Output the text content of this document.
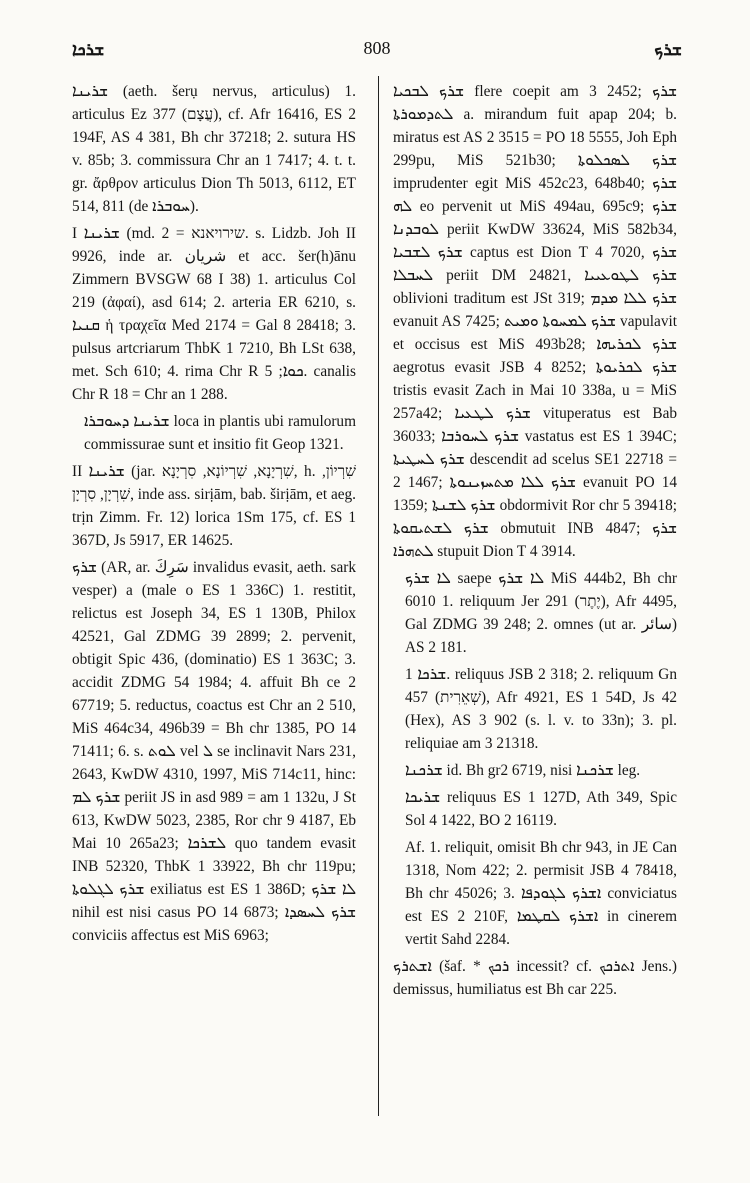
ܫܪܟܐ	808	ܫܪܟ

ܫܪܝܢܐ (aeth. šerụ nervus, articulus) 1. articulus Ez 377 (עֲצָם), cf. Afr 16416, ES 2 194F, AS 4 381, Bh chr 37218; 2. sutura HS v. 85b; 3. commissura Chr an 1 7417; 4. t. t. gr. ἄρθρον articulus Dion Th 5013, 6112, ET 514, 811 (de ܚܘܒܪܐ).

I ܫܪܝܢܐ (md. שירויאנא = 2. s. Lidzb. Joh II 9926, inde ar. شريان et acc. šer(h)ānu Zimmern BVSGW 68 I 38) 1. articulus Col 219 (ἀφαί), asd 614; 2. arteria ER 6210, s. ܩܢܝܐ ἡ τραχεῖα Med 2174 = Gal 8 28418; 3. pulsus artcriarum ThbK 1 7210, Bh LSt 638, met. Sch 610; 4. rima Chr R ܟܘܐ; 5. canalis Chr R 18 = Chr an 1 288.

ܫܪܝܢܐ ܕܚܘܒܪܐ loca in plantis ubi ramulorum commissurae sunt et insitio fit Geop 1321.

II ܫܪܝܢܐ (jar. שִׁרְיָנָא, שִׁרְיוֹנָא, סִרְיָנָא, h. שִׁרְיוֹן, שִׁרְיָן, סִרְיָן, inde ass. sirịām, bab. širịām, et aeg. trịn Zimm. Fr. 12) lorica 1Sm 175, cf. ES 1 367D, Js 5917, ER 14625.

ܫܪܟ (AR, ar. سَرِكَ invalidus evasit, aeth. sark vesper) a (male o ES 1 336C) 1. restitit, relictus est Joseph 34, ES 1 130B, Philox 42521, Gal ZDMG 39 2899; 2. pervenit, obtigit Spic 436, (dominatio) ES 1 363C; 3. accidit ZDMG 54 1984; 4. affuit Bh ce 2 67719; 5. reductus, coactus est Chr an 2 510, MiS 464c34, 496b39 = Bh chr 1385, PO 14 71411; 6. s. ܠܘܬ vel ܠ se inclinavit Nars 231, 2643, KwDW 4310, 1997, MiS 714c11, hinc: ܫܪܟ ܠܡ periit JS in asd 989 = am 1 132u, J St 613, KwDW 5023, 2385, Ror chr 9 4187, Eb Mai 10 265a23; ܠܫܪܟܐ quo tandem evasit INB 52320, ThbK 1 33922, Bh chr 119pu; ܫܪܟ ܠܓܠܘܬܐ exiliatus est ES 1 386D; ܠܐ ܫܪܟ nihil est nisi casus PO 14 6873; ܫܪܟ ܠܚܣܕܐ conviciis affectus est MiS 6963;

ܫܪܟ ܠܒܟܝܐ flere coepit am 3 2452; ܫܪܟ ܠܬܕܡܘܪܬܐ a. mirandum fuit apap 204; b. miratus est AS 2 3515 = PO 18 5555, Joh Eph 299pu, MiS 521b30; ܫܪܟ ܠܣܟܠܘܬܐ imprudenter egit MiS 452c23, 648b40; ܫܪܟ ܠܗ eo pervenit ut MiS 494au, 695c9; ܫܪܟ ܠܘܒܕܢܐ periit KwDW 33624, MiS 582b34, ܫܪܟ ܠܫܒܝܐ captus est Dion T 4 7020, ܫܪܟ ܠܚܒܠܐ periit DM 24821, ܫܪܟ ܠܛܘܥܝܝܐ oblivioni traditum est JSt 319; ܫܪܟ ܠܠܐ ܡܕܡ evanuit AS 7425; ܫܪܟ ܠܡܚܘܬܐ ܘܡܝܬ vapulavit et occisus est MiS 493b28; ܫܪܟ ܠܟܪܝܗܐ aegrotus evasit JSB 4 8252; ܫܪܟ ܠܟܪܝܘܬܐ tristis evasit Zach in Mai 10 338a, u = MiS 257a42; ܫܪܟ ܠܛܥܝܐ vituperatus est Bab 36033; ܫܪܟ ܠܚܘܪܒܐ vastatus est ES 1 394C; ܫܪܟ ܠܚܛܝܬܐ descendit ad scelus SE1 22718 = 2 1467; ܫܪܟ ܠܠܐ ܡܬܚܙܝܢܘܬܐ evanuit PO 14 1359; ܫܪܟ ܠܫܢܬܐ obdormivit Ror chr 5 39418; ܫܪܟ ܠܫܬܝܩܘܬܐ obmutuit INB 4847; ܫܪܟ ܠܬܗܪܐ stupuit Dion T 4 3914.

ܠܐ ܫܪܟ saepe ܠܐ ܫܪܟ MiS 444b2, Bh chr 6010 1. reliquum Jer 291 (יֶתֶר), Afr 4495, Gal ZDMG 39 248; 2. omnes (ut ar. سائر) AS 2 181.

ܫܪܟܐ 1. reliquus JSB 2 318; 2. reliquum Gn 457 (שְׁאֵרִית), Afr 4921, ES 1 54D, Js 42 (Hex), AS 3 902 (s. l. v. to 33n); 3. pl. reliquiae am 3 21318.

ܫܪܟܢܐ id. Bh gr2 6719, nisi ܫܪܟܢܐ leg.

ܫܪܝܟܐ reliquus ES 1 127D, Ath 349, Spic Sol 4 1422, BO 2 16119.

Af. 1. reliquit, omisit Bh chr 943, in JE Can 1318, Nom 422; 2. permisit JSB 4 78418, Bh chr 45026; 3. ܐܫܪܟ ܠܓܘܕܦܐ conviciatus est ES 2 210F, ܐܫܪܟ ܠܩܛܡܐ in cinerem vertit Sahd 2284.

ܐܫܬܪܟ (šaf. * ܪܟܟ incessit? cf. ܐܬܪܟܟ Jens.) demissus, humiliatus est Bh car 225.
